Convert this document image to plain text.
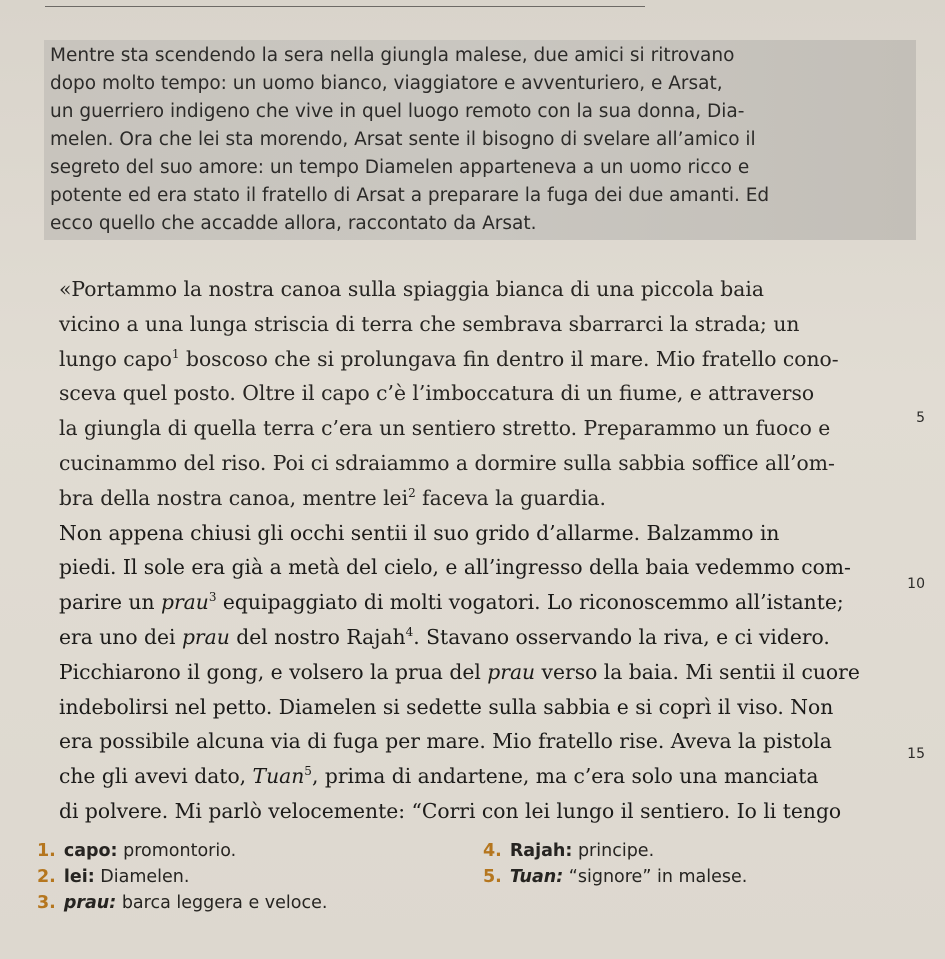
Mentre sta scendendo la sera nella giungla malese, due amici si ritrovano
dopo molto tempo: un uomo bianco, viaggiatore e avventuriero, e Arsat,
un guerriero indigeno che vive in quel luogo remoto con la sua donna, Dia-
melen. Ora che lei sta morendo, Arsat sente il bisogno di svelare all’amico il
segreto del suo amore: un tempo Diamelen apparteneva a un uomo ricco e
potente ed era stato il fratello di Arsat a preparare la fuga dei due amanti. Ed
ecco quello che accadde allora, raccontato da Arsat.

«Portammo la nostra canoa sulla spiaggia bianca di una piccola baia
vicino a una lunga striscia di terra che sembrava sbarrarci la strada; un
lungo capo$^1$ boscoso che si prolungava fin dentro il mare. Mio fratello cono-
sceva quel posto. Oltre il capo c’è l’imboccatura di un fiume, e attraverso
la giungla di quella terra c’era un sentiero stretto. Preparammo un fuoco e
cucinammo del riso. Poi ci sdraiammo a dormire sulla sabbia soffice all’om-
bra della nostra canoa, mentre lei$^2$ faceva la guardia.

Non appena chiusi gli occhi sentii il suo grido d’allarme. Balzammo in
piedi. Il sole era già a metà del cielo, e all’ingresso della baia vedemmo com-
parire un prau$^3$ equipaggiato di molti vogatori. Lo riconoscemmo all’istante;
era uno dei prau del nostro Rajah$^4$. Stavano osservando la riva, e ci videro.
Picchiarono il gong, e volsero la prua del prau verso la baia. Mi sentii il cuore
indebolirsi nel petto. Diamelen si sedette sulla sabbia e si coprì il viso. Non
era possibile alcuna via di fuga per mare. Mio fratello rise. Aveva la pistola
che gli avevi dato, Tuan$^5$, prima di andartene, ma c’era solo una manciata
di polvere. Mi parlò velocemente: “Corri con lei lungo il sentiero. Io li tengo

5
10
15
1. capo: promontorio.
2. lei: Diamelen.
3. prau: barca leggera e veloce.
4. Rajah: principe.
5. Tuan: “signore” in malese.
